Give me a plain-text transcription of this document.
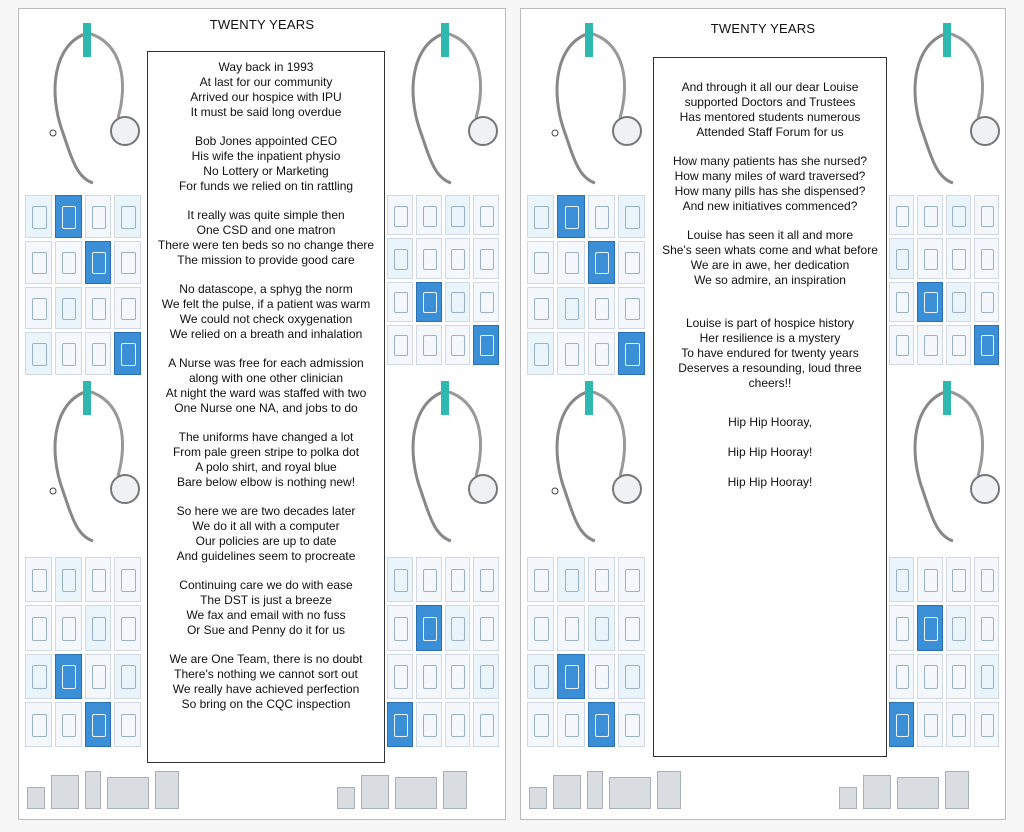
TWENTY YEARS
Way back in 1993
At last for our community
Arrived our hospice with IPU
It must be said long overdue
Bob Jones appointed CEO
His wife the inpatient physio
No Lottery or Marketing
For funds we relied on tin rattling
It really was quite simple then
One CSD and one matron
There were ten beds so no change there
The mission to provide good care
No datascope, a sphyg the norm
We felt the pulse, if a patient was warm
We could not check oxygenation
We relied on a breath and inhalation
A Nurse was free for each admission
along with one other clinician
At night the ward was staffed with two
One Nurse one NA, and jobs to do
The uniforms have changed a lot
From pale green stripe to polka dot
A polo shirt, and royal blue
Bare below elbow is nothing new!
So here we are two decades later
We do it all with a computer
Our policies are up to date
And guidelines seem to procreate
Continuing care we do with ease
The DST is just a breeze
We fax and email with no fuss
Or Sue and Penny do it for us
We are One Team, there is no doubt
There's nothing we cannot sort out
We really have achieved perfection
So bring on the CQC inspection
TWENTY YEARS
And through it all our dear Louise
supported Doctors and Trustees
Has mentored students numerous
Attended Staff Forum for us
How many patients has she nursed?
How many miles of ward traversed?
How many pills has she dispensed?
And new initiatives commenced?
Louise has seen it all and more
She's seen whats come and what before
We are in awe, her dedication
We so admire, an inspiration
Louise is part of hospice history
Her resilience is a mystery
To have endured for twenty years
Deserves a resounding, loud three cheers!!
Hip Hip Hooray,
Hip Hip Hooray!
Hip Hip Hooray!
